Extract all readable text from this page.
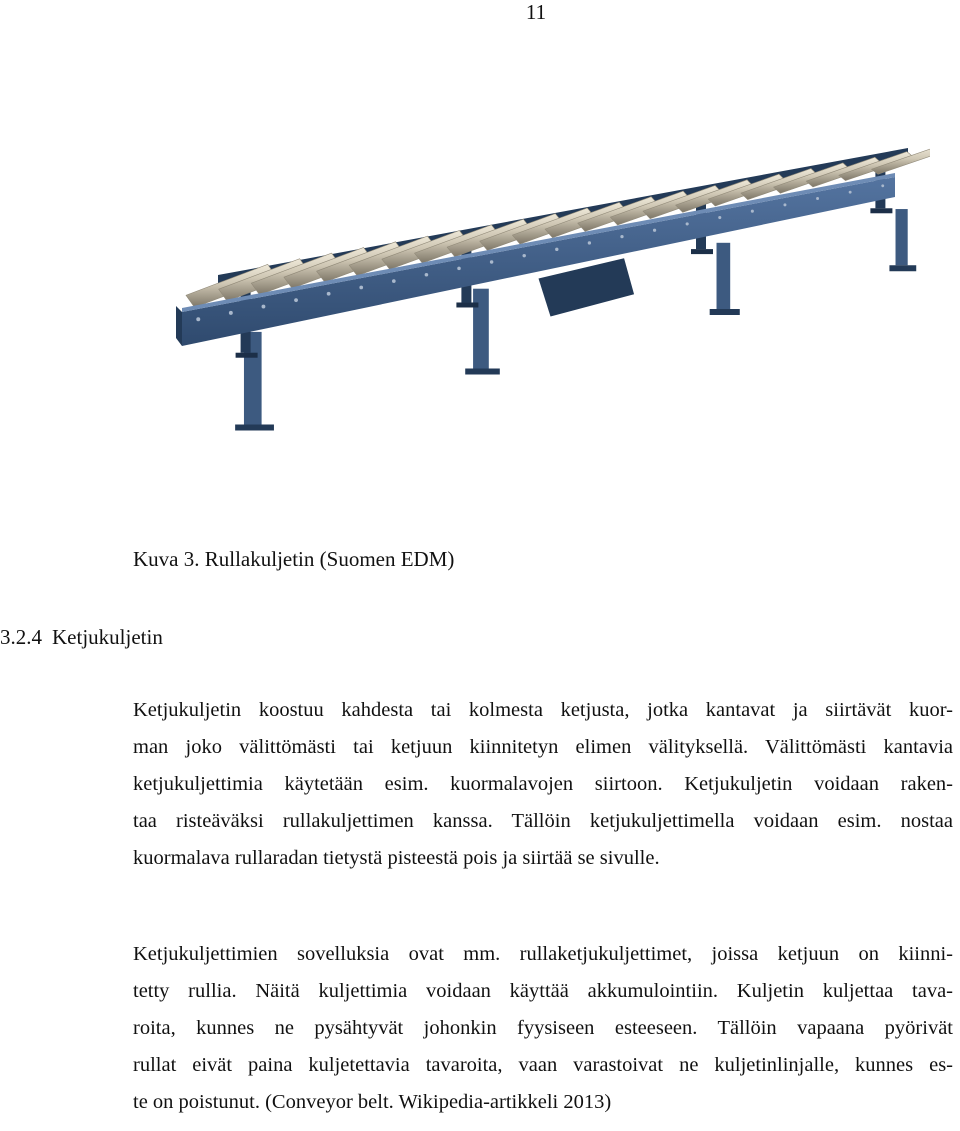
11
Kuva 3. Rullakuljetin (Suomen EDM)
3.2.4 Ketjukuljetin
Ketjukuljetin koostuu kahdesta tai kolmesta ketjusta, jotka kantavat ja siirtävät kuor-
man joko välittömästi tai ketjuun kiinnitetyn elimen välityksellä. Välittömästi kantavia
ketjukuljettimia käytetään esim. kuormalavojen siirtoon. Ketjukuljetin voidaan raken-
taa risteäväksi rullakuljettimen kanssa. Tällöin ketjukuljettimella voidaan esim. nostaa
kuormalava rullaradan tietystä pisteestä pois ja siirtää se sivulle.
Ketjukuljettimien sovelluksia ovat mm. rullaketjukuljettimet, joissa ketjuun on kiinni-
tetty rullia. Näitä kuljettimia voidaan käyttää akkumulointiin. Kuljetin kuljettaa tava-
roita, kunnes ne pysähtyvät johonkin fyysiseen esteeseen. Tällöin vapaana pyörivät
rullat eivät paina kuljetettavia tavaroita, vaan varastoivat ne kuljetinlinjalle, kunnes es-
te on poistunut. (Conveyor belt. Wikipedia-artikkeli 2013)
